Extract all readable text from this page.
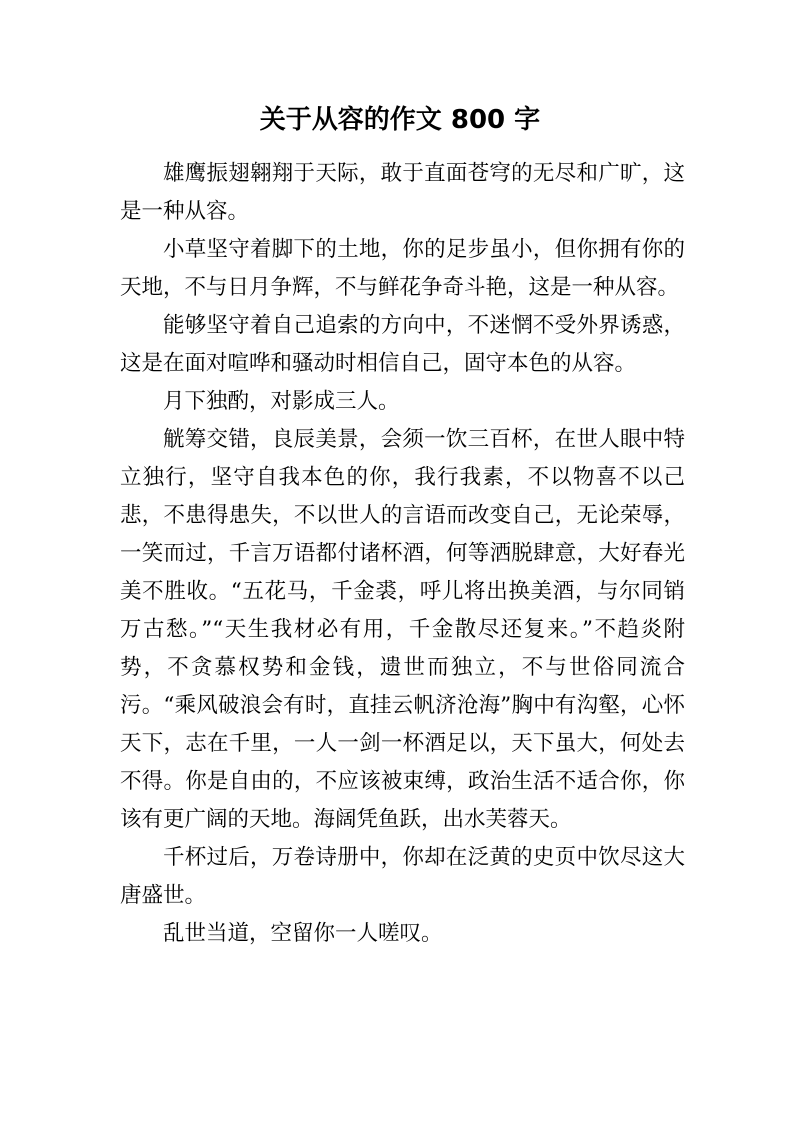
关于从容的作文 800 字

雄鹰振翅翱翔于天际，敢于直面苍穹的无尽和广旷，这是一种从容。

小草坚守着脚下的土地，你的足步虽小，但你拥有你的天地，不与日月争辉，不与鲜花争奇斗艳，这是一种从容。

能够坚守着自己追索的方向中，不迷惘不受外界诱惑，这是在面对喧哗和骚动时相信自己，固守本色的从容。

月下独酌，对影成三人。

觥筹交错，良辰美景，会须一饮三百杯，在世人眼中特立独行，坚守自我本色的你，我行我素，不以物喜不以己悲，不患得患失，不以世人的言语而改变自己，无论荣辱，一笑而过，千言万语都付诸杯酒，何等洒脱肆意，大好春光美不胜收。“五花马，千金裘，呼儿将出换美酒，与尔同销万古愁。”“天生我材必有用，千金散尽还复来。”不趋炎附势，不贪慕权势和金钱，遗世而独立，不与世俗同流合污。“乘风破浪会有时，直挂云帆济沧海”胸中有沟壑，心怀天下，志在千里，一人一剑一杯酒足以，天下虽大，何处去不得。你是自由的，不应该被束缚，政治生活不适合你，你该有更广阔的天地。海阔凭鱼跃，出水芙蓉天。

千杯过后，万卷诗册中，你却在泛黄的史页中饮尽这大唐盛世。

乱世当道，空留你一人嗟叹。
